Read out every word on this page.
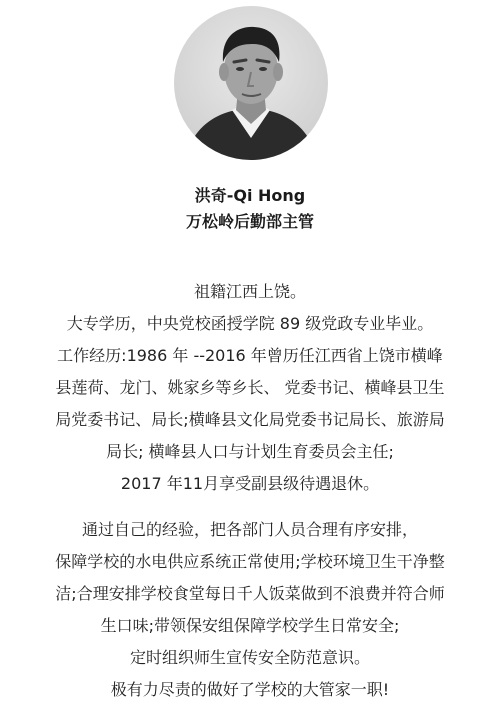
洪奇-Qi Hong
万松岭后勤部主管
祖籍江西上饶。
大专学历，中央党校函授学院 89 级党政专业毕业。
工作经历:1986 年 --2016 年曾历任江西省上饶市横峰
县莲荷、龙门、姚家乡等乡长、 党委书记、横峰县卫生
局党委书记、局长;横峰县文化局党委书记局长、旅游局
局长; 横峰县人口与计划生育委员会主任;
2017 年11月享受副县级待遇退休。
通过自己的经验，把各部门人员合理有序安排，
保障学校的水电供应系统正常使用;学校环境卫生干净整
洁;合理安排学校食堂每日千人饭菜做到不浪费并符合师
生口味;带领保安组保障学校学生日常安全;
定时组织师生宣传安全防范意识。
极有力尽责的做好了学校的大管家一职!
